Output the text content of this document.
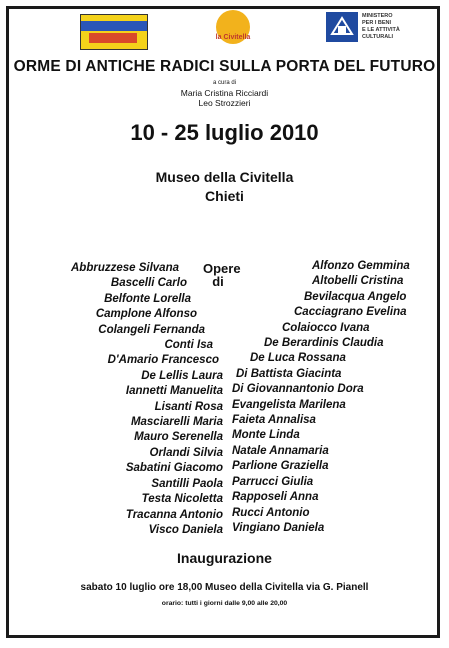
la Civitella
MINISTERO
PER I BENI
E LE ATTIVITÀ
CULTURALI
ORME DI ANTICHE RADICI SULLA PORTA DEL FUTURO
a cura di
Maria Cristina Ricciardi
Leo Strozzieri
10 - 25 luglio 2010
Museo della Civitella
Chieti
Opere
di
Abbruzzese Silvana
Bascelli Carlo
Belfonte Lorella
Camplone Alfonso
Colangeli Fernanda
Conti Isa
D'Amario Francesco
De Lellis Laura
Iannetti Manuelita
Lisanti Rosa
Masciarelli Maria
Mauro Serenella
Orlandi Silvia
Sabatini Giacomo
Santilli Paola
Testa Nicoletta
Tracanna Antonio
Visco Daniela
Alfonzo Gemmina
Altobelli Cristina
Bevilacqua Angelo
Cacciagrano Evelina
Colaiocco Ivana
De Berardinis Claudia
De Luca Rossana
Di Battista Giacinta
Di Giovannantonio Dora
Evangelista Marilena
Faieta Annalisa
Monte Linda
Natale Annamaria
Parlione Graziella
Parrucci Giulia
Rapposeli Anna
Rucci Antonio
Vingiano Daniela
Inaugurazione
sabato 10 luglio ore 18,00 Museo della Civitella via G. Pianell
orario: tutti i giorni dalle 9,00 alle 20,00
